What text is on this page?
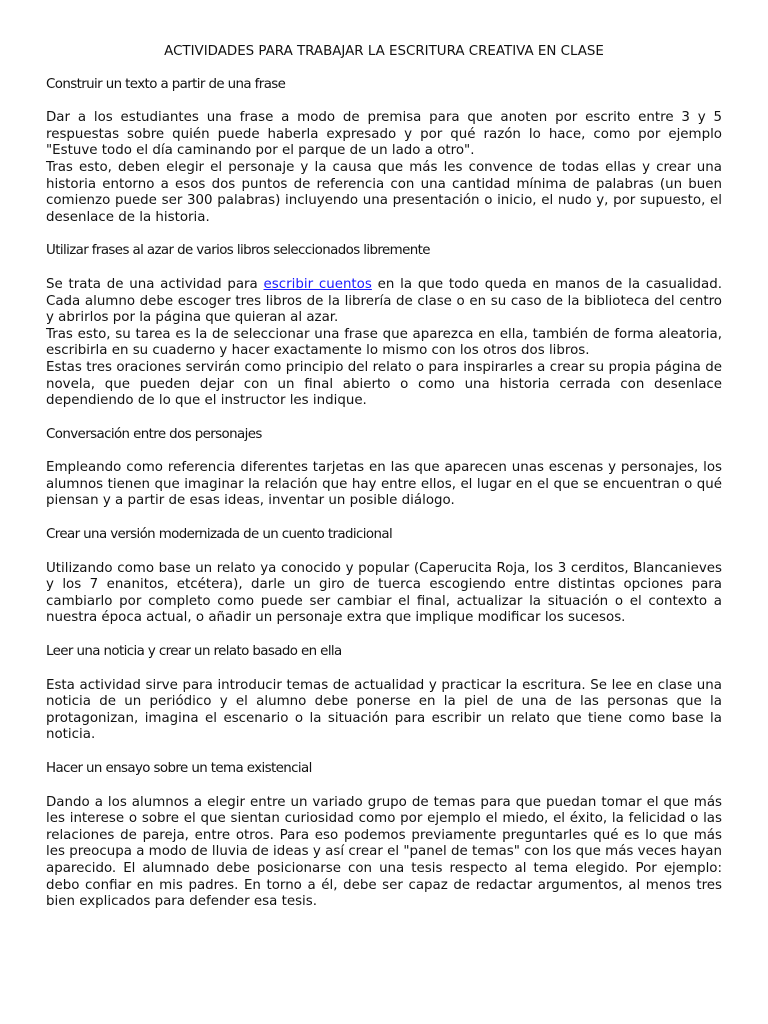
ACTIVIDADES PARA TRABAJAR LA ESCRITURA CREATIVA EN CLASE
Construir un texto a partir de una frase
Dar a los estudiantes una frase a modo de premisa para que anoten por escrito entre 3 y 5 respuestas sobre quién puede haberla expresado y por qué razón lo hace, como por ejemplo "Estuve todo el día caminando por el parque de un lado a otro".
Tras esto, deben elegir el personaje y la causa que más les convence de todas ellas y crear una historia entorno a esos dos puntos de referencia con una cantidad mínima de palabras (un buen comienzo puede ser 300 palabras) incluyendo una presentación o inicio, el nudo y, por supuesto, el desenlace de la historia.
Utilizar frases al azar de varios libros seleccionados libremente
Se trata de una actividad para escribir cuentos en la que todo queda en manos de la casualidad. Cada alumno debe escoger tres libros de la librería de clase o en su caso de la biblioteca del centro y abrirlos por la página que quieran al azar.
Tras esto, su tarea es la de seleccionar una frase que aparezca en ella, también de forma aleatoria, escribirla en su cuaderno y hacer exactamente lo mismo con los otros dos libros.
Estas tres oraciones servirán como principio del relato o para inspirarles a crear su propia página de novela, que pueden dejar con un final abierto o como una historia cerrada con desenlace dependiendo de lo que el instructor les indique.
Conversación entre dos personajes
Empleando como referencia diferentes tarjetas en las que aparecen unas escenas y personajes, los alumnos tienen que imaginar la relación que hay entre ellos, el lugar en el que se encuentran o qué piensan y a partir de esas ideas, inventar un posible diálogo.
Crear una versión modernizada de un cuento tradicional
Utilizando como base un relato ya conocido y popular (Caperucita Roja, los 3 cerditos, Blancanieves y los 7 enanitos, etcétera), darle un giro de tuerca escogiendo entre distintas opciones para cambiarlo por completo como puede ser cambiar el final, actualizar la situación o el contexto a nuestra época actual, o añadir un personaje extra que implique modificar los sucesos.
Leer una noticia y crear un relato basado en ella
Esta actividad sirve para introducir temas de actualidad y practicar la escritura. Se lee en clase una noticia de un periódico y el alumno debe ponerse en la piel de una de las personas que la protagonizan, imagina el escenario o la situación para escribir un relato que tiene como base la noticia.
Hacer un ensayo sobre un tema existencial
Dando a los alumnos a elegir entre un variado grupo de temas para que puedan tomar el que más les interese o sobre el que sientan curiosidad como por ejemplo el miedo, el éxito, la felicidad o las relaciones de pareja, entre otros. Para eso podemos previamente preguntarles qué es lo que más les preocupa a modo de lluvia de ideas y así crear el "panel de temas" con los que más veces hayan aparecido. El alumnado debe posicionarse con una tesis respecto al tema elegido. Por ejemplo: debo confiar en mis padres. En torno a él, debe ser capaz de redactar argumentos, al menos tres bien explicados para defender esa tesis.
